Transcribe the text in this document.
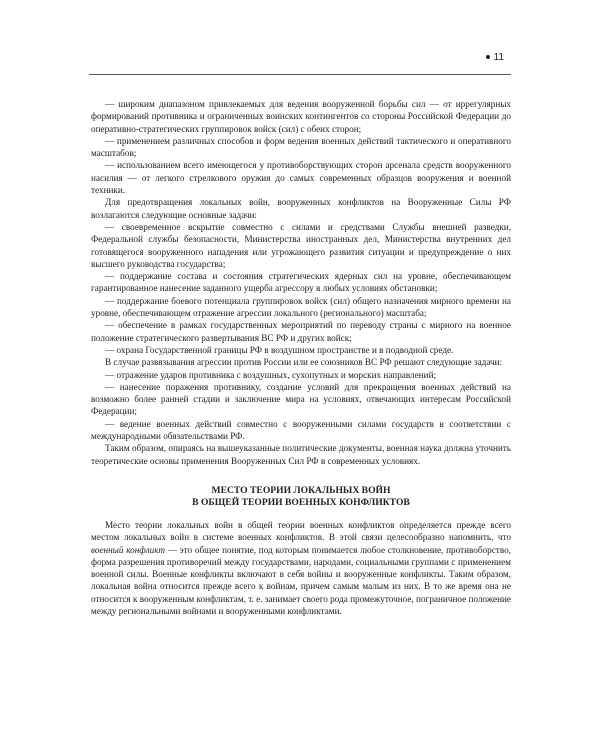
11

— широким диапазоном привлекаемых для ведения вооруженной борьбы сил — от иррегулярных формирований противника и ограниченных воинских контингентов со стороны Российской Федерации до оперативно-стратегических группировок войск (сил) с обеих сторон;

— применением различных способов и форм ведения военных действий тактического и оперативного масштабов;

— использованием всего имеющегося у противоборствующих сторон арсенала средств вооруженного насилия — от легкого стрелкового оружия до самых современных образцов вооружения и военной техники.

Для предотвращения локальных войн, вооруженных конфликтов на Вооруженные Силы РФ возлагаются следующие основные задачи:

— своевременное вскрытие совместно с силами и средствами Службы внешней разведки, Федеральной службы безопасности, Министерства иностранных дел, Министерства внутренних дел готовящегося вооруженного нападения или угрожающего развития ситуации и предупреждение о них высшего руководства государства;

— поддержание состава и состояния стратегических ядерных сил на уровне, обеспечивающем гарантированное нанесение заданного ущерба агрессору в любых условиях обстановки;

— поддержание боевого потенциала группировок войск (сил) общего назначения мирного времени на уровне, обеспечивающем отражение агрессии локального (регионального) масштаба;

— обеспечение в рамках государственных мероприятий по переводу страны с мирного на военное положение стратегического развертывания ВС РФ и других войск;

— охрана Государственной границы РФ в воздушном пространстве и в подводной среде.

В случае развязывания агрессии против России или ее союзников ВС РФ решают следующие задачи:

— отражение ударов противника с воздушных, сухопутных и морских направлений;

— нанесение поражения противнику, создание условий для прекращения военных действий на возможно более ранней стадии и заключение мира на условиях, отвечающих интересам Российской Федерации;

— ведение военных действий совместно с вооруженными силами государств в соответствии с международными обязательствами РФ.

Таким образом, опираясь на вышеуказанные политические документы, военная наука должна уточнить теоретические основы применения Вооруженных Сил РФ в современных условиях.

МЕСТО ТЕОРИИ ЛОКАЛЬНЫХ ВОЙН
В ОБЩЕЙ ТЕОРИИ ВОЕННЫХ КОНФЛИКТОВ

Место теории локальных войн в общей теории военных конфликтов определяется прежде всего местом локальных войн в системе военных конфликтов. В этой связи целесообразно напомнить, что военный конфликт — это общее понятие, под которым понимается любое столкновение, противоборство, форма разрешения противоречий между государствами, народами, социальными группами с применением военной силы. Военные конфликты включают в себя войны и вооруженные конфликты. Таким образом, локальная война относится прежде всего к войнам, причем самым малым из них. В то же время она не относится к вооруженным конфликтам, т. е. занимает своего рода промежуточное, пограничное положение между региональными войнами и вооруженными конфликтами.
